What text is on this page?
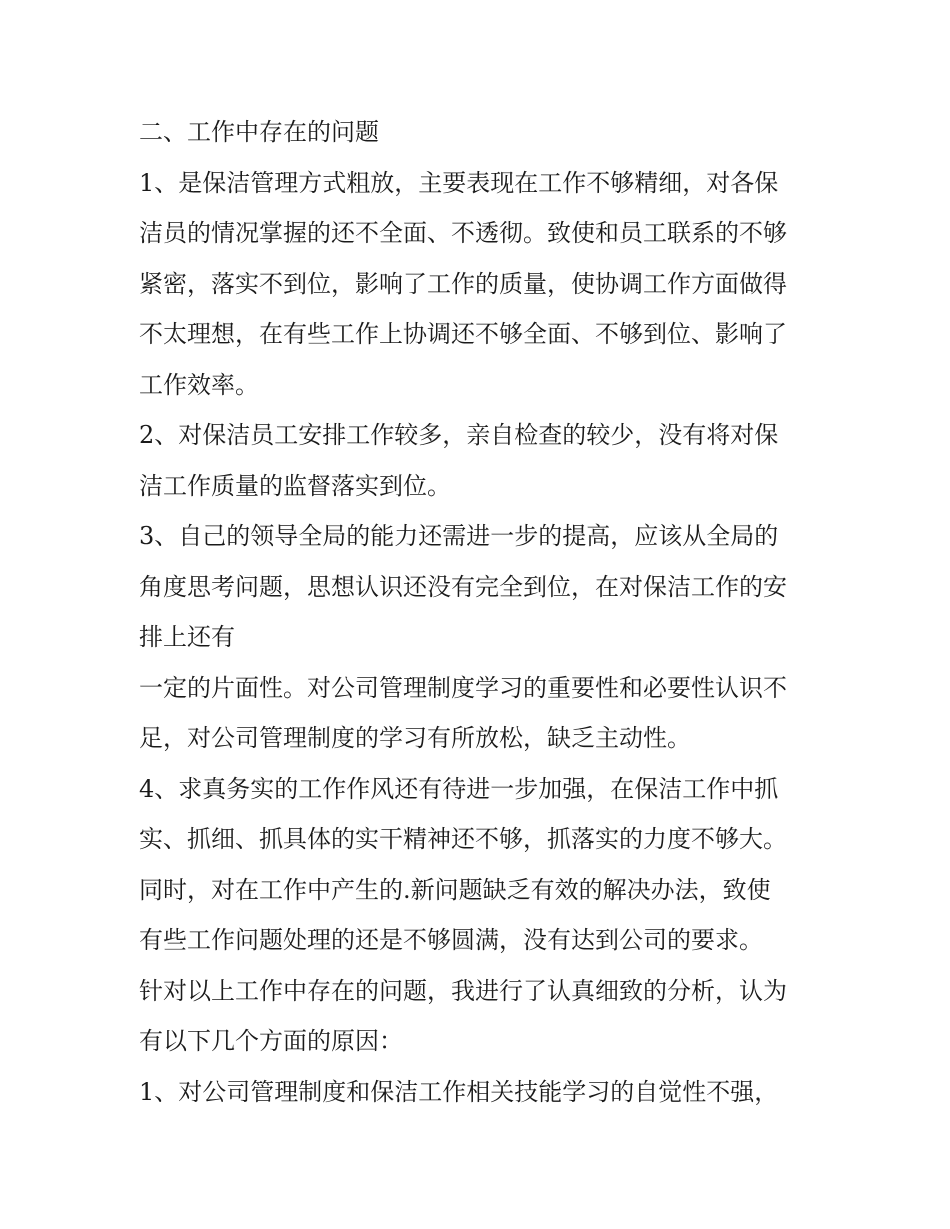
二、工作中存在的问题
1、是保洁管理方式粗放，主要表现在工作不够精细，对各保
洁员的情况掌握的还不全面、不透彻。致使和员工联系的不够
紧密，落实不到位，影响了工作的质量，使协调工作方面做得
不太理想，在有些工作上协调还不够全面、不够到位、影响了
工作效率。
2、对保洁员工安排工作较多，亲自检查的较少，没有将对保
洁工作质量的监督落实到位。
3、自己的领导全局的能力还需进一步的提高，应该从全局的
角度思考问题，思想认识还没有完全到位，在对保洁工作的安
排上还有
一定的片面性。对公司管理制度学习的重要性和必要性认识不
足，对公司管理制度的学习有所放松，缺乏主动性。
4、求真务实的工作作风还有待进一步加强，在保洁工作中抓
实、抓细、抓具体的实干精神还不够，抓落实的力度不够大。
同时，对在工作中产生的.新问题缺乏有效的解决办法，致使
有些工作问题处理的还是不够圆满，没有达到公司的要求。
针对以上工作中存在的问题，我进行了认真细致的分析，认为
有以下几个方面的原因：
1、对公司管理制度和保洁工作相关技能学习的自觉性不强，
